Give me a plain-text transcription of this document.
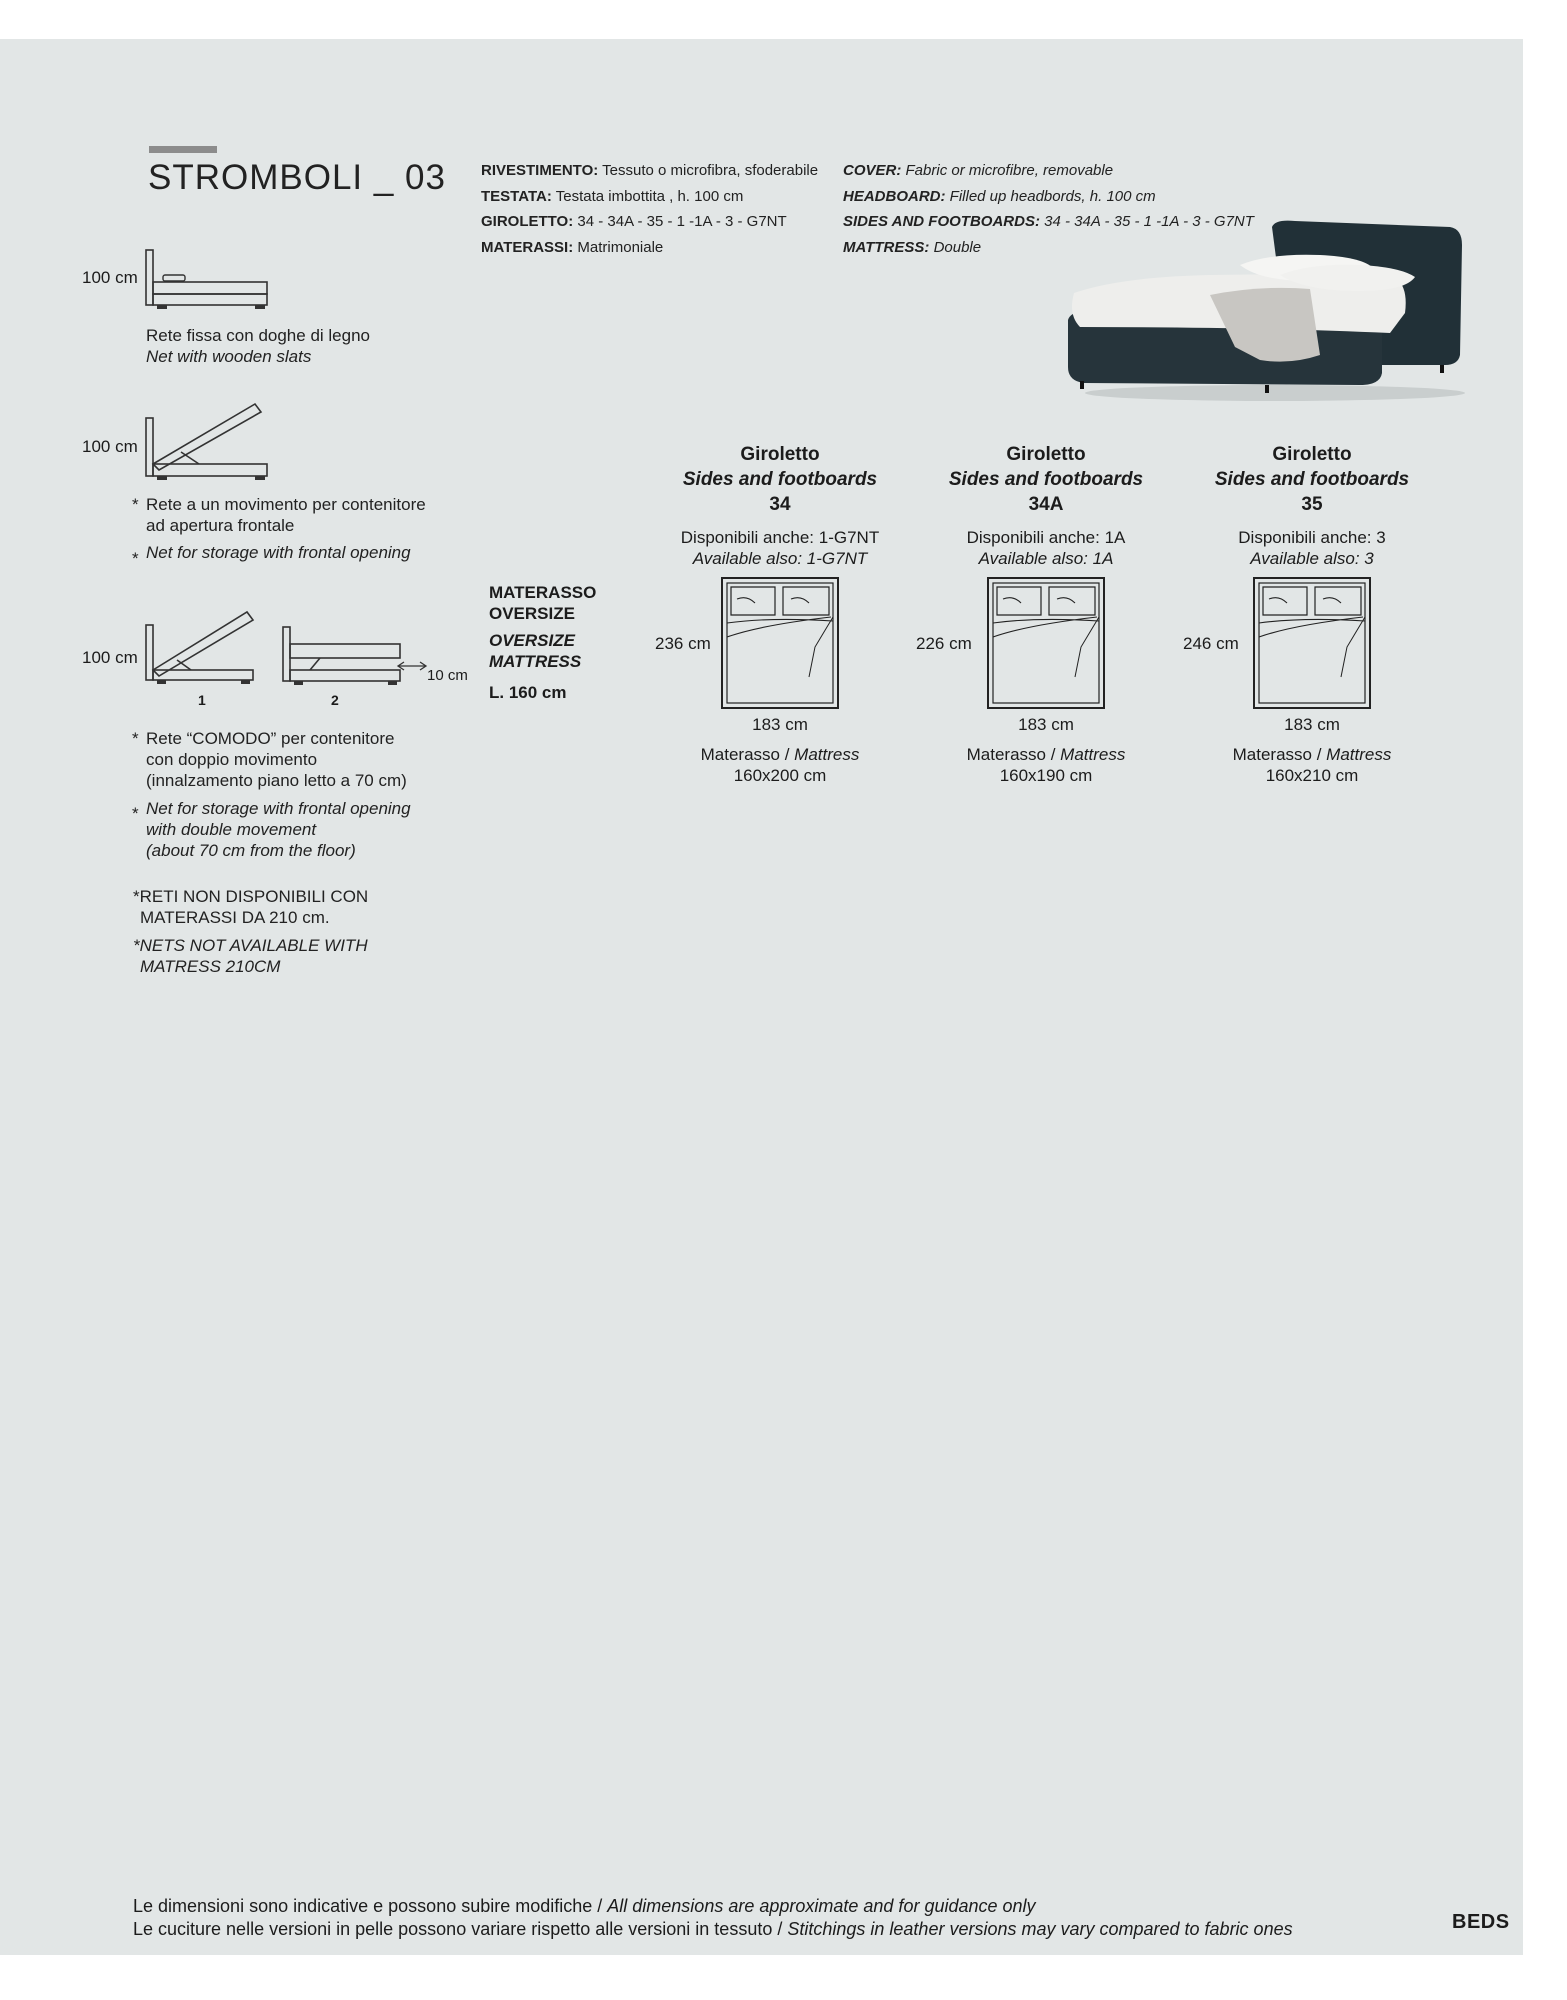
STROMBOLI _ 03 RIVESTIMENTO: Tessuto o microfibra, sfoderabile
TESTATA: Testata imbottita , h. 100 cm
GIROLETTO: 34 - 34A - 35 - 1 -1A - 3 - G7NT
MATERASSI: Matrimoniale
COVER: Fabric or microfibre, removable
HEADBOARD: Filled up headbords, h. 100 cm
SIDES AND FOOTBOARDS: 34 - 34A - 35 - 1 -1A - 3 - G7NT
MATTRESS: Double
100 cm
Rete fissa con doghe di legno
Net with wooden slats
100 cm
* Rete a un movimento per contenitore
ad apertura frontale
* Net for storage with frontal opening
100 cm
10 cm
1	2
* Rete “COMODO” per contenitore
con doppio movimento
(innalzamento piano letto a 70 cm)
* Net for storage with frontal opening
with double movement
(about 70 cm from the floor)
*RETI NON DISPONIBILI CON
MATERASSI DA 210 cm.
*NETS NOT AVAILABLE WITH
MATRESS 210CM
MATERASSO
OVERSIZE
OVERSIZE
MATTRESS
L. 160 cm
Giroletto
Sides and footboards
34
Disponibili anche: 1-G7NT
Available also: 1-G7NT
236 cm
183 cm
Materasso / Mattress
160x200 cm
Giroletto
Sides and footboards
34A
Disponibili anche: 1A
Available also: 1A
226 cm
183 cm
Materasso / Mattress
160x190 cm
Giroletto
Sides and footboards
35
Disponibili anche: 3
Available also: 3
246 cm
183 cm
Materasso / Mattress
160x210 cm
Le dimensioni sono indicative e possono subire modifiche / All dimensions are approximate and for guidance only
Le cuciture nelle versioni in pelle possono variare rispetto alle versioni in tessuto / Stitchings in leather versions may vary compared to fabric ones	BEDS
